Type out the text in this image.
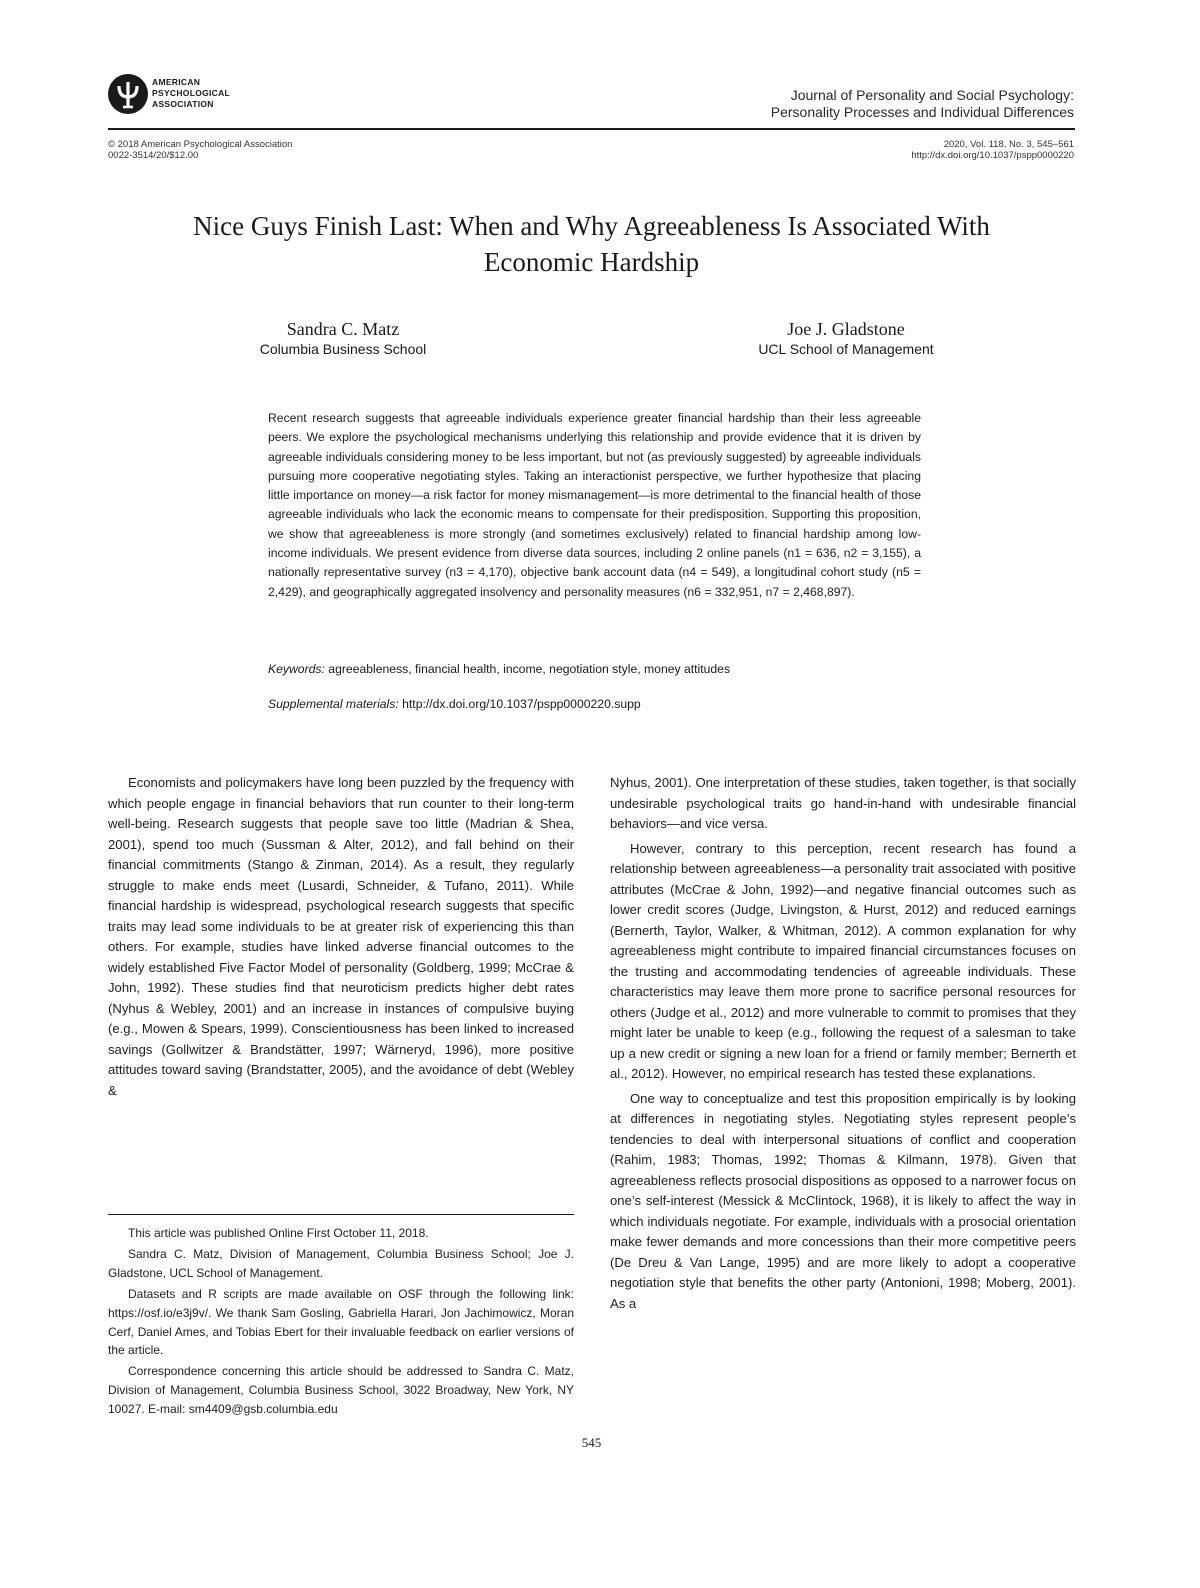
AMERICAN
PSYCHOLOGICAL
ASSOCIATION
Journal of Personality and Social Psychology:
Personality Processes and Individual Differences
© 2018 American Psychological Association
0022-3514/20/$12.00
2020, Vol. 118, No. 3, 545–561
http://dx.doi.org/10.1037/pspp0000220
Nice Guys Finish Last: When and Why Agreeableness Is Associated With
Economic Hardship
Sandra C. Matz
Columbia Business School
Joe J. Gladstone
UCL School of Management
Recent research suggests that agreeable individuals experience greater financial hardship than their less agreeable peers. We explore the psychological mechanisms underlying this relationship and provide evidence that it is driven by agreeable individuals considering money to be less important, but not (as previously suggested) by agreeable individuals pursuing more cooperative negotiating styles. Taking an interactionist perspective, we further hypothesize that placing little importance on money—a risk factor for money mismanagement—is more detrimental to the financial health of those agreeable individuals who lack the economic means to compensate for their predisposition. Supporting this proposition, we show that agreeableness is more strongly (and sometimes exclusively) related to financial hardship among low-income individuals. We present evidence from diverse data sources, including 2 online panels (n1 = 636, n2 = 3,155), a nationally representative survey (n3 = 4,170), objective bank account data (n4 = 549), a longitudinal cohort study (n5 = 2,429), and geographically aggregated insolvency and personality measures (n6 = 332,951, n7 = 2,468,897).
Keywords: agreeableness, financial health, income, negotiation style, money attitudes
Supplemental materials: http://dx.doi.org/10.1037/pspp0000220.supp

Economists and policymakers have long been puzzled by the frequency with which people engage in financial behaviors that run counter to their long-term well-being. Research suggests that people save too little (Madrian & Shea, 2001), spend too much (Sussman & Alter, 2012), and fall behind on their financial commitments (Stango & Zinman, 2014). As a result, they regularly struggle to make ends meet (Lusardi, Schneider, & Tufano, 2011). While financial hardship is widespread, psychological research suggests that specific traits may lead some individuals to be at greater risk of experiencing this than others. For example, studies have linked adverse financial outcomes to the widely established Five Factor Model of personality (Goldberg, 1999; McCrae & John, 1992). These studies find that neuroticism predicts higher debt rates (Nyhus & Webley, 2001) and an increase in instances of compulsive buying (e.g., Mowen & Spears, 1999). Conscientiousness has been linked to increased savings (Gollwitzer & Brandstätter, 1997; Wärneryd, 1996), more positive attitudes toward saving (Brandstatter, 2005), and the avoidance of debt (Webley &

Nyhus, 2001). One interpretation of these studies, taken together, is that socially undesirable psychological traits go hand-in-hand with undesirable financial behaviors—and vice versa.

However, contrary to this perception, recent research has found a relationship between agreeableness—a personality trait associated with positive attributes (McCrae & John, 1992)—and negative financial outcomes such as lower credit scores (Judge, Livingston, & Hurst, 2012) and reduced earnings (Bernerth, Taylor, Walker, & Whitman, 2012). A common explanation for why agreeableness might contribute to impaired financial circumstances focuses on the trusting and accommodating tendencies of agreeable individuals. These characteristics may leave them more prone to sacrifice personal resources for others (Judge et al., 2012) and more vulnerable to commit to promises that they might later be unable to keep (e.g., following the request of a salesman to take up a new credit or signing a new loan for a friend or family member; Bernerth et al., 2012). However, no empirical research has tested these explanations.

One way to conceptualize and test this proposition empirically is by looking at differences in negotiating styles. Negotiating styles represent people’s tendencies to deal with interpersonal situations of conflict and cooperation (Rahim, 1983; Thomas, 1992; Thomas & Kilmann, 1978). Given that agreeableness reflects prosocial dispositions as opposed to a narrower focus on one’s self-interest (Messick & McClintock, 1968), it is likely to affect the way in which individuals negotiate. For example, individuals with a prosocial orientation make fewer demands and more concessions than their more competitive peers (De Dreu & Van Lange, 1995) and are more likely to adopt a cooperative negotiation style that benefits the other party (Antonioni, 1998; Moberg, 2001). As a

This article was published Online First October 11, 2018.

Sandra C. Matz, Division of Management, Columbia Business School; Joe J. Gladstone, UCL School of Management.

Datasets and R scripts are made available on OSF through the following link: https://osf.io/e3j9v/. We thank Sam Gosling, Gabriella Harari, Jon Jachimowicz, Moran Cerf, Daniel Ames, and Tobias Ebert for their invaluable feedback on earlier versions of the article.

Correspondence concerning this article should be addressed to Sandra C. Matz, Division of Management, Columbia Business School, 3022 Broadway, New York, NY 10027. E-mail: sm4409@gsb.columbia.edu

545
